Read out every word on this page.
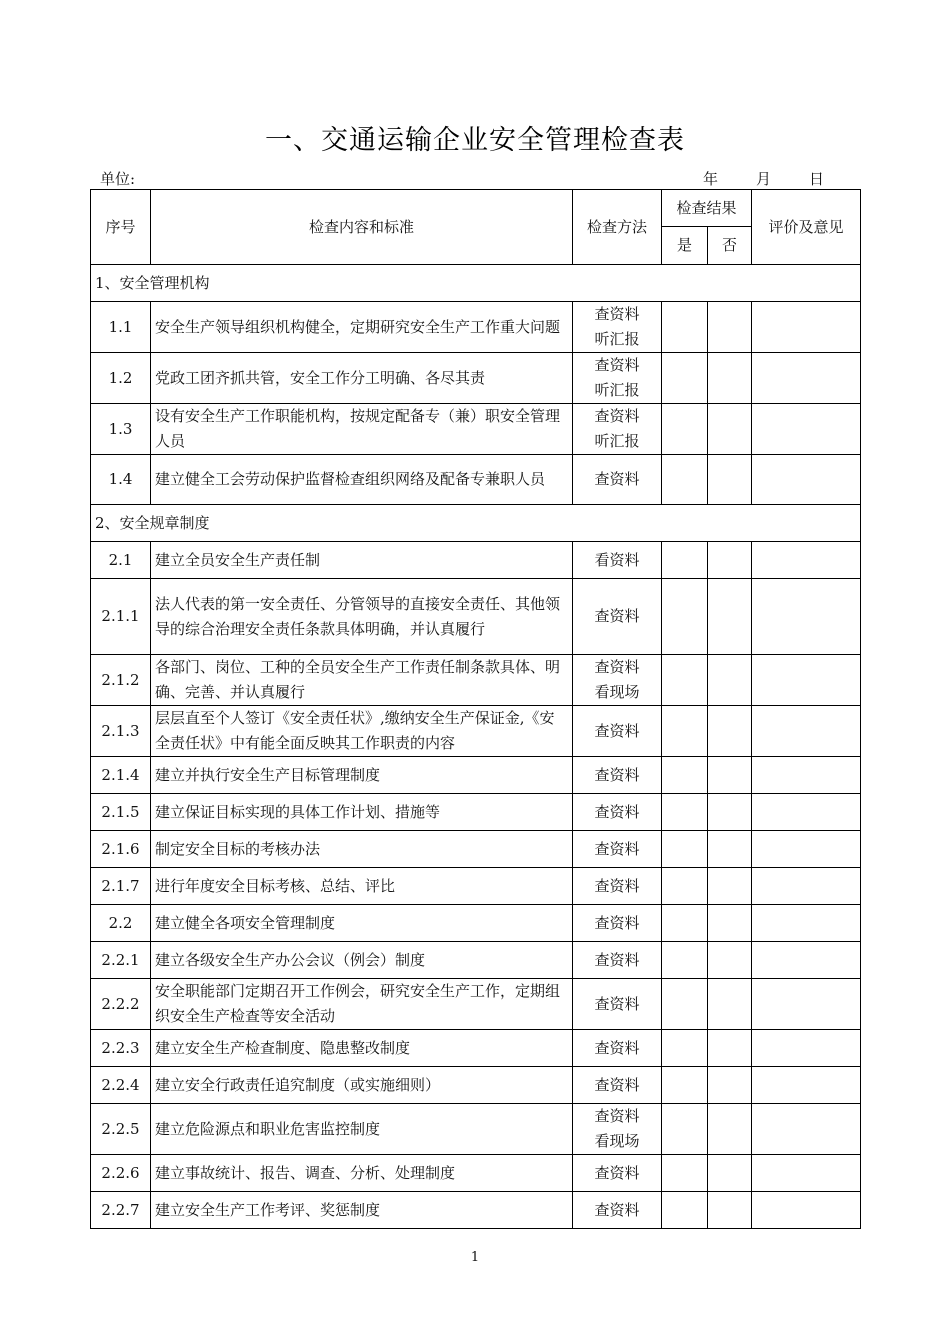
一、交通运输企业安全管理检查表
单位:	年	月	日
序号	检查内容和标准	检查方法	检查结果		评价及意见
			是	否	
1、安全管理机构					
1.1	安全生产领导组织机构健全，定期研究安全生产工作重大问题	查资料
听汇报			
1.2	党政工团齐抓共管，安全工作分工明确、各尽其责	查资料
听汇报			
1.3	设有安全生产工作职能机构，按规定配备专（兼）职安全管理人员	查资料
听汇报			
1.4	建立健全工会劳动保护监督检查组织网络及配备专兼职人员	查资料			
2、安全规章制度					
2.1	建立全员安全生产责任制	看资料			
2.1.1	法人代表的第一安全责任、分管领导的直接安全责任、其他领导的综合治理安全责任条款具体明确，并认真履行	查资料			
2.1.2	各部门、岗位、工种的全员安全生产工作责任制条款具体、明确、完善、并认真履行	查资料
看现场			
2.1.3	层层直至个人签订《安全责任状》,缴纳安全生产保证金,《安全责任状》中有能全面反映其工作职责的内容	查资料			
2.1.4	建立并执行安全生产目标管理制度	查资料			
2.1.5	建立保证目标实现的具体工作计划、措施等	查资料			
2.1.6	制定安全目标的考核办法	查资料			
2.1.7	进行年度安全目标考核、总结、评比	查资料			
2.2	建立健全各项安全管理制度	查资料			
2.2.1	建立各级安全生产办公会议（例会）制度	查资料			
2.2.2	安全职能部门定期召开工作例会，研究安全生产工作，定期组织安全生产检查等安全活动	查资料			
2.2.3	建立安全生产检查制度、隐患整改制度	查资料			
2.2.4	建立安全行政责任追究制度（或实施细则）	查资料			
2.2.5	建立危险源点和职业危害监控制度	查资料
看现场			
2.2.6	建立事故统计、报告、调查、分析、处理制度	查资料			
2.2.7	建立安全生产工作考评、奖惩制度	查资料			
1
